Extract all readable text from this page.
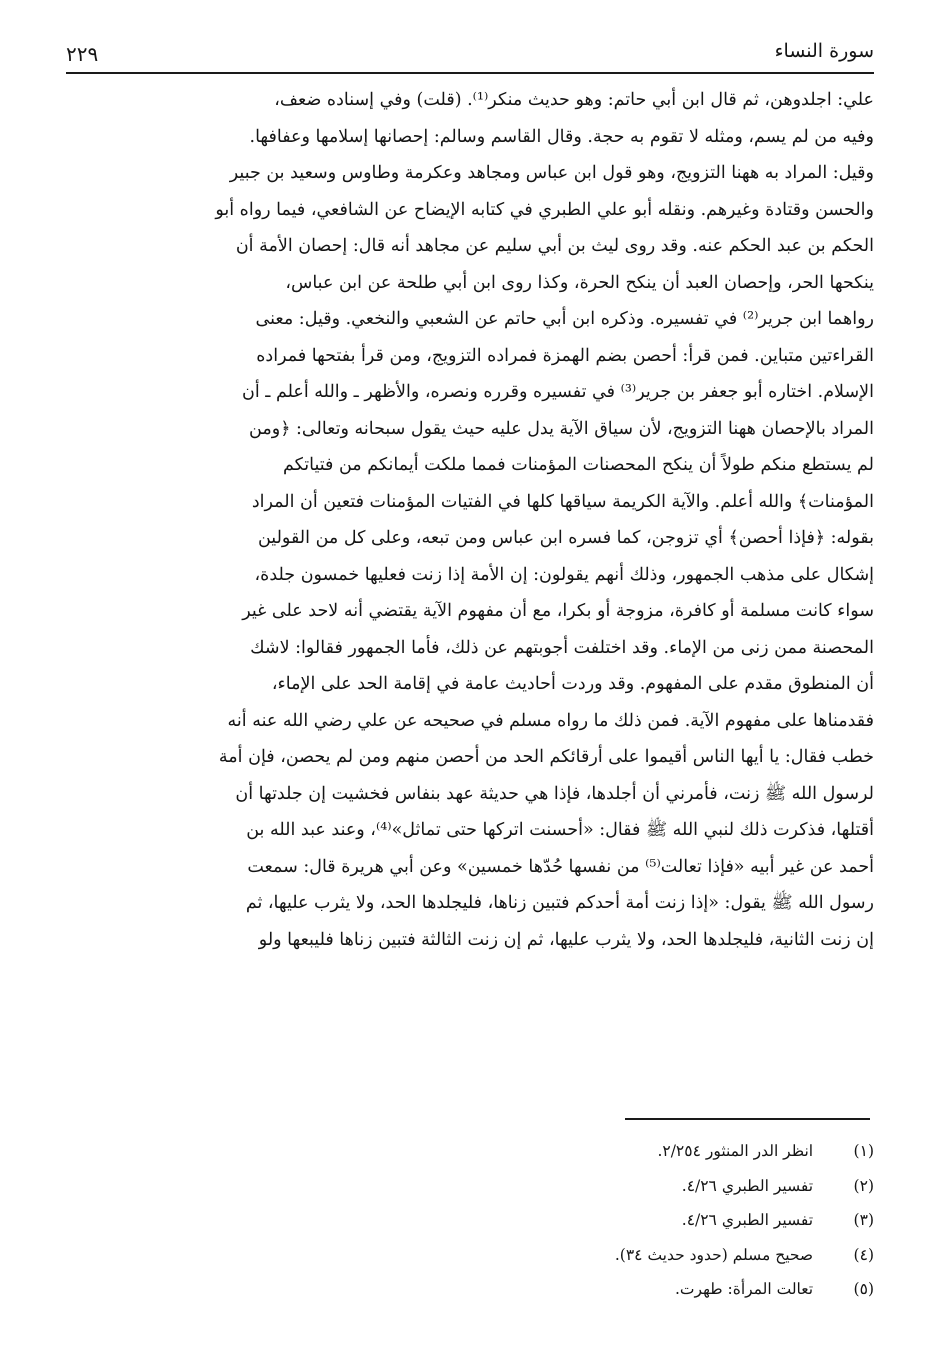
سورة النساء
٢٢٩
علي: اجلدوهن، ثم قال ابن أبي حاتم: وهو حديث منكر⁽¹⁾. (قلت) وفي إسناده ضعف،
وفيه من لم يسم، ومثله لا تقوم به حجة. وقال القاسم وسالم: إحصانها إسلامها وعفافها.
وقيل: المراد به ههنا التزويج، وهو قول ابن عباس ومجاهد وعكرمة وطاوس وسعيد بن جبير
والحسن وقتادة وغيرهم. ونقله أبو علي الطبري في كتابه الإيضاح عن الشافعي، فيما رواه أبو
الحكم بن عبد الحكم عنه. وقد روى ليث بن أبي سليم عن مجاهد أنه قال: إحصان الأمة أن
ينكحها الحر، وإحصان العبد أن ينكح الحرة، وكذا روى ابن أبي طلحة عن ابن عباس،
رواهما ابن جرير⁽²⁾ في تفسيره. وذكره ابن أبي حاتم عن الشعبي والنخعي. وقيل: معنى
القراءتين متباين. فمن قرأ: أحصن بضم الهمزة فمراده التزويج، ومن قرأ بفتحها فمراده
الإسلام. اختاره أبو جعفر بن جرير⁽³⁾ في تفسيره وقرره ونصره، والأظهر ـ والله أعلم ـ أن
المراد بالإحصان ههنا التزويج، لأن سياق الآية يدل عليه حيث يقول سبحانه وتعالى: ﴿ومن
لم يستطع منكم طولاً أن ينكح المحصنات المؤمنات فمما ملكت أيمانكم من فتياتكم
المؤمنات﴾ والله أعلم. والآية الكريمة سياقها كلها في الفتيات المؤمنات فتعين أن المراد
بقوله: ﴿فإذا أحصن﴾ أي تزوجن، كما فسره ابن عباس ومن تبعه، وعلى كل من القولين
إشكال على مذهب الجمهور، وذلك أنهم يقولون: إن الأمة إذا زنت فعليها خمسون جلدة،
سواء كانت مسلمة أو كافرة، مزوجة أو بكرا، مع أن مفهوم الآية يقتضي أنه لاحد على غير
المحصنة ممن زنى من الإماء. وقد اختلفت أجوبتهم عن ذلك، فأما الجمهور فقالوا: لاشك
أن المنطوق مقدم على المفهوم. وقد وردت أحاديث عامة في إقامة الحد على الإماء،
فقدمناها على مفهوم الآية. فمن ذلك ما رواه مسلم في صحيحه عن علي رضي الله عنه أنه
خطب فقال: يا أيها الناس أقيموا على أرقائكم الحد من أحصن منهم ومن لم يحصن، فإن أمة
لرسول الله ﷺ زنت، فأمرني أن أجلدها، فإذا هي حديثة عهد بنفاس فخشيت إن جلدتها أن
أقتلها، فذكرت ذلك لنبي الله ﷺ فقال: «أحسنت اتركها حتى تماثل»⁽⁴⁾، وعند عبد الله بن
أحمد عن غير أبيه «فإذا تعالت⁽⁵⁾ من نفسها حُدّها خمسين» وعن أبي هريرة قال: سمعت
رسول الله ﷺ يقول: «إذا زنت أمة أحدكم فتبين زناها، فليجلدها الحد، ولا يثرب عليها، ثم
إن زنت الثانية، فليجلدها الحد، ولا يثرب عليها، ثم إن زنت الثالثة فتبين زناها فليبعها ولو
(١) انظر الدر المنثور ٢/٢٥٤.
(٢) تفسير الطبري ٤/٢٦.
(٣) تفسير الطبري ٤/٢٦.
(٤) صحيح مسلم (حدود حديث ٣٤).
(٥) تعالت المرأة: طهرت.
